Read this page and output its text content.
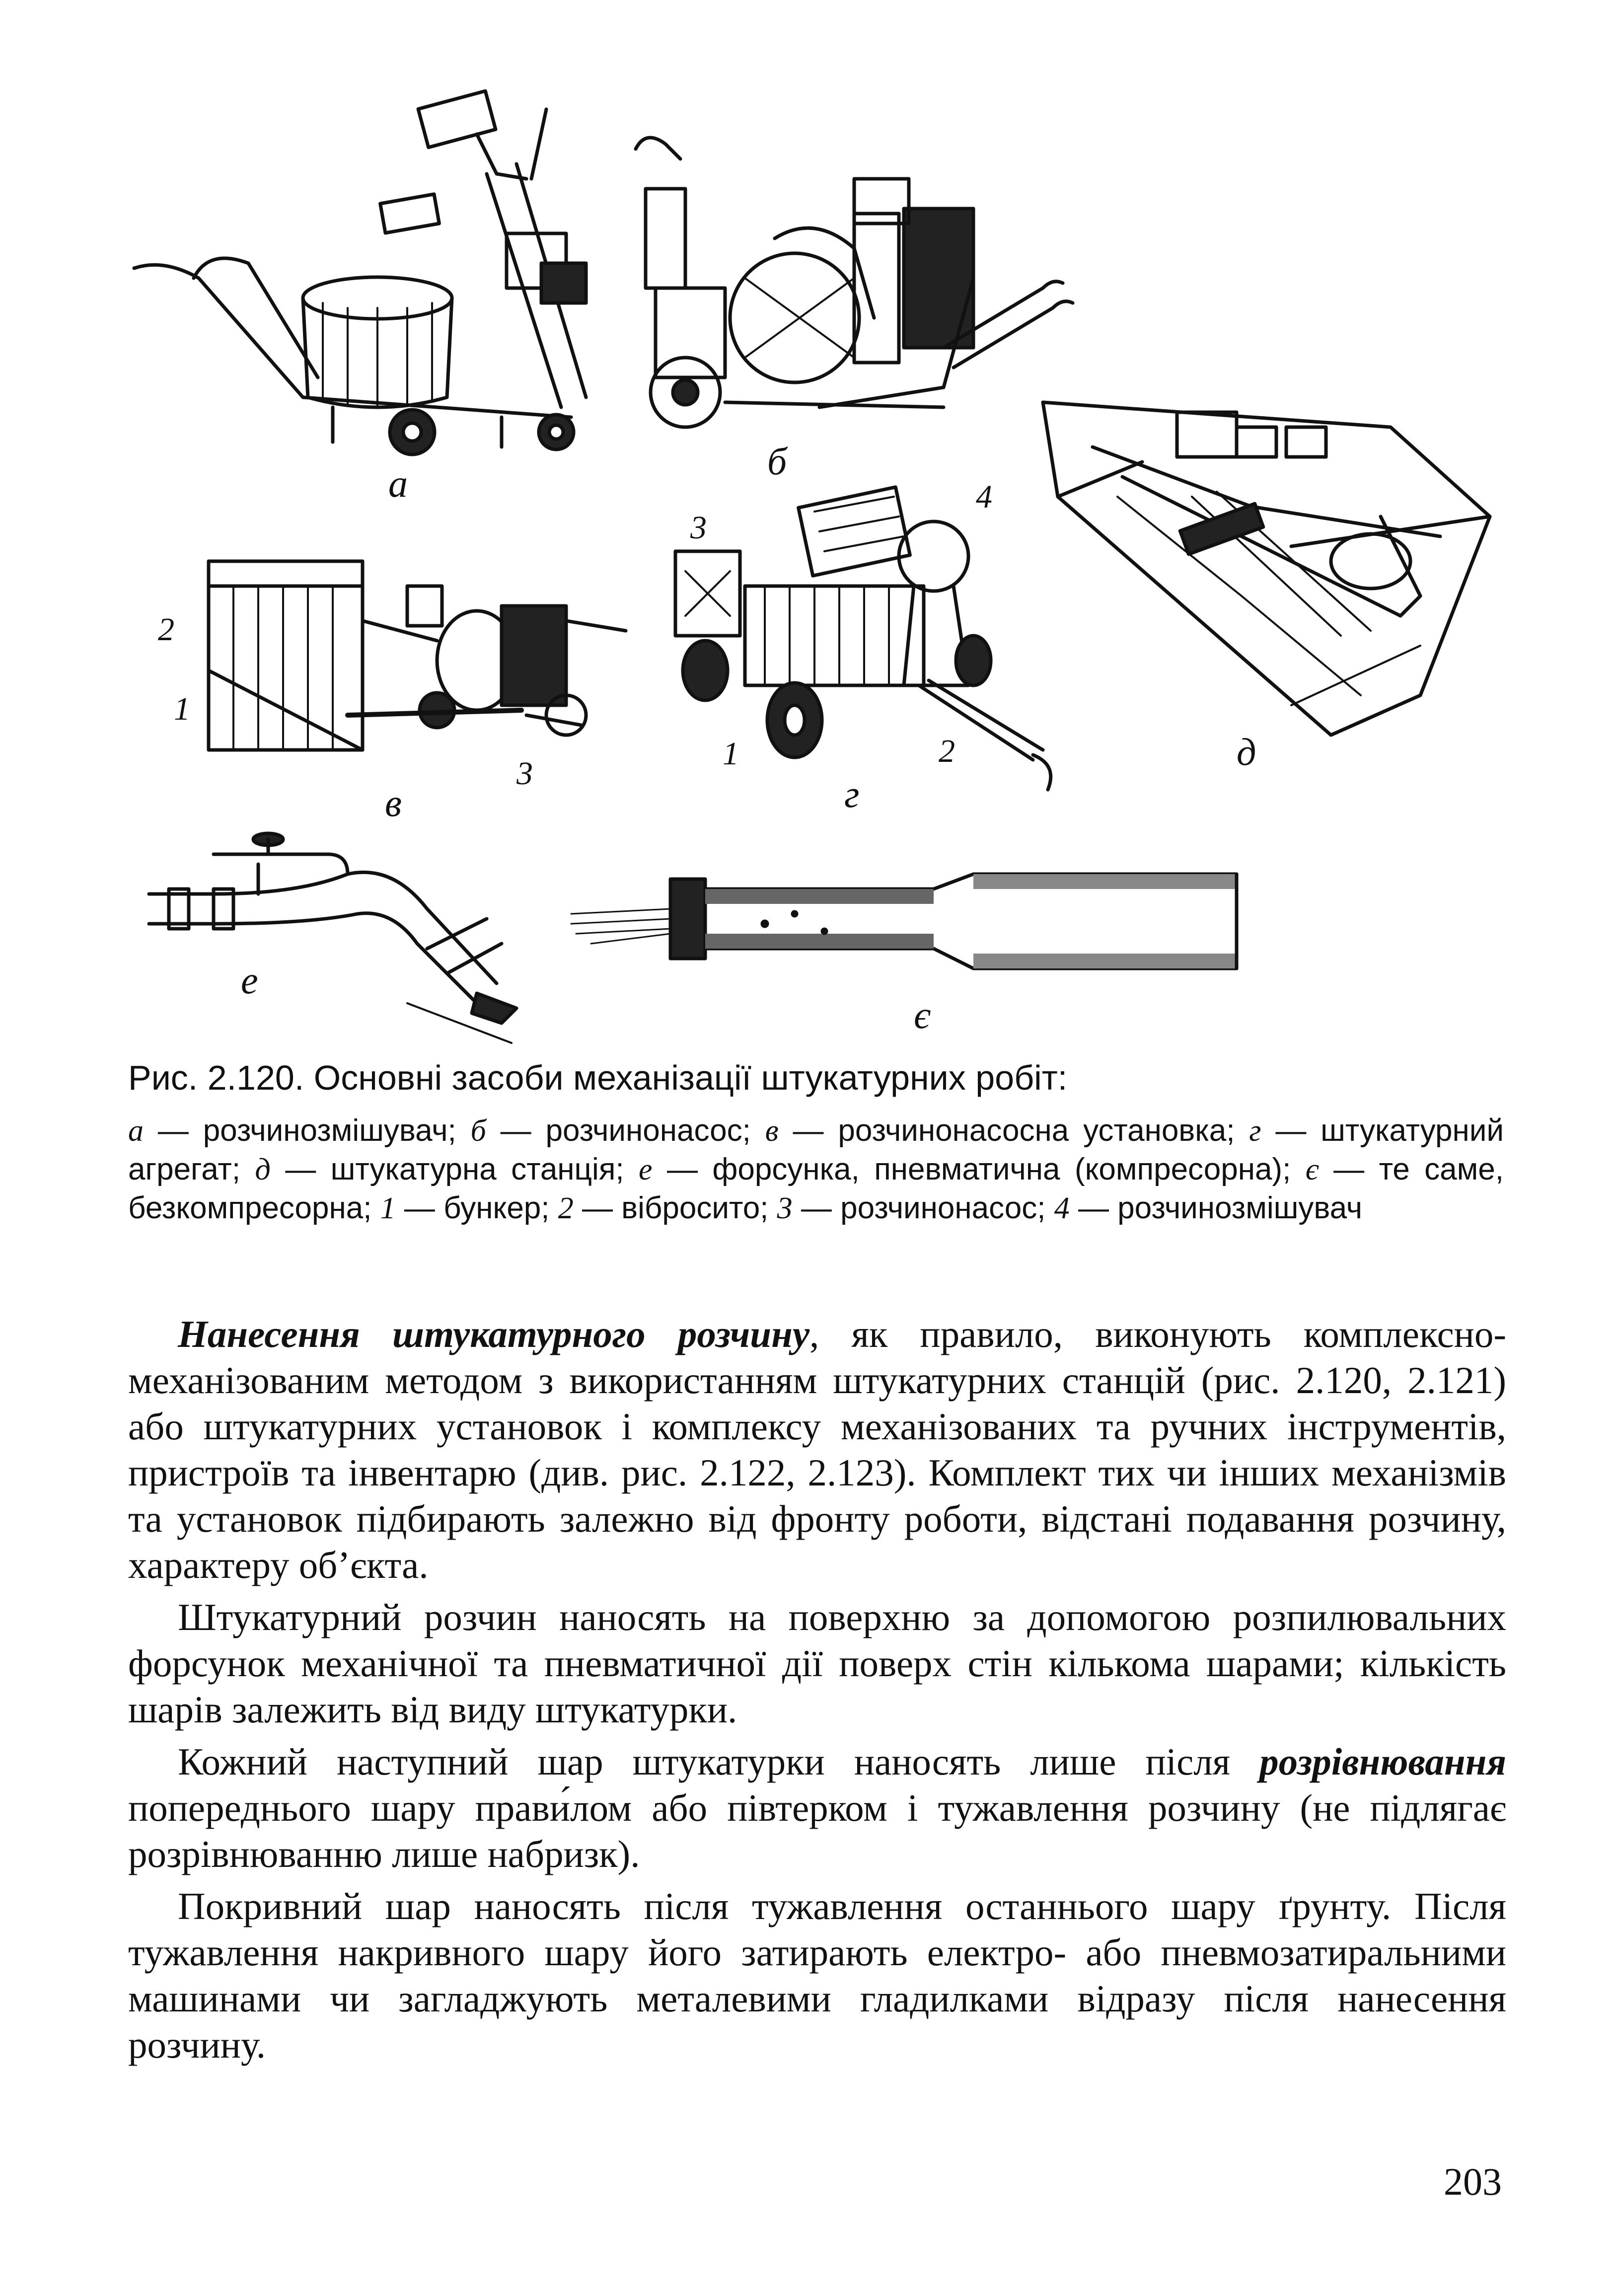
а
б
в	г
д
е
є
1
2
3
1	2
3
4

Рис. 2.120. Основні засоби механізації штукатурних робіт:

а — розчинозмішувач; б — розчинонасос; в — розчинонасосна установка; г — штукатурний агрегат; д — штукатурна станція; е — форсунка, пневматична (компресорна); є — те саме, безкомпресорна; 1 — бункер; 2 — вібросито; 3 — розчинонасос; 4 — розчинозмішувач

Нанесення штукатурного розчину, як правило, виконують комплексно-механізованим методом з використанням штукатурних станцій (рис. 2.120, 2.121) або штукатурних установок і комплексу механізованих та ручних інструментів, пристроїв та інвентарю (див. рис. 2.122, 2.123). Комплект тих чи інших механізмів та установок підбирають залежно від фронту роботи, відстані подавання розчину, характеру об’єкта.

Штукатурний розчин наносять на поверхню за допомогою розпилювальних форсунок механічної та пневматичної дії поверх стін кількома шарами; кількість шарів залежить від виду штукатурки.

Кожний наступний шар штукатурки наносять лише після розрівнювання попереднього шару прави́лом або півтерком і тужавлення розчину (не підлягає розрівнюванню лише набризк).

Покривний шар наносять після тужавлення останнього шару ґрунту. Після тужавлення накривного шару його затирають електро- або пневмозатиральними машинами чи загладжують металевими гладилками відразу після нанесення розчину.

203
